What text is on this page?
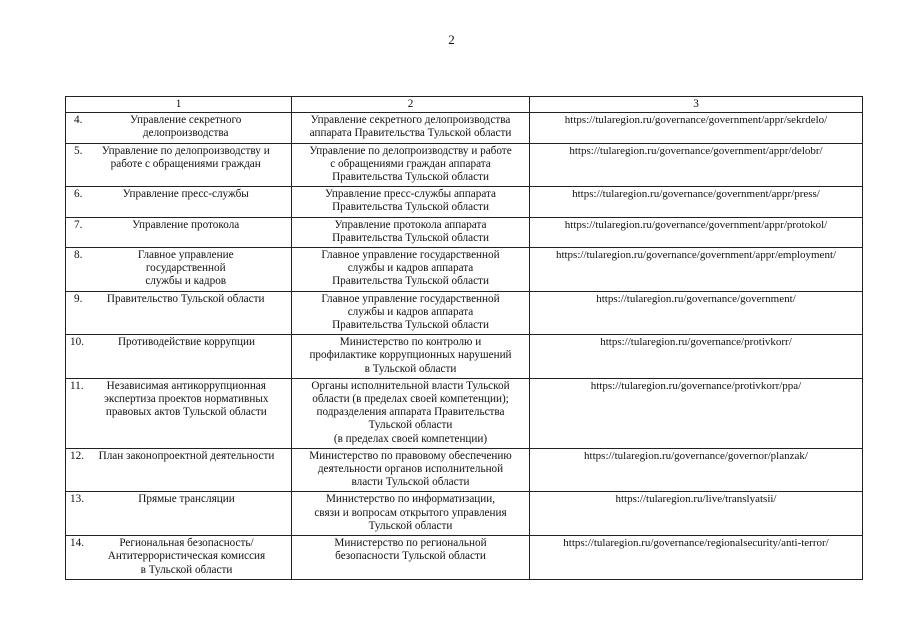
2
1	2	3

4. Управление секретного
делопроизводства	Управление секретного делопроизводства
аппарата Правительства Тульской области	https://tularegion.ru/governance/government/appr/sekrdelo/

5. Управление по делопроизводству и
работе с обращениями граждан	Управление по делопроизводству и работе
с обращениями граждан аппарата
Правительства Тульской области	https://tularegion.ru/governance/government/appr/delobr/

6. Управление пресс-службы	Управление пресс-службы аппарата
Правительства Тульской области	https://tularegion.ru/governance/government/appr/press/

7. Управление протокола	Управление протокола аппарата
Правительства Тульской области	https://tularegion.ru/governance/government/appr/protokol/

8. Главное управление
государственной
службы и кадров	Главное управление государственной
службы и кадров аппарата
Правительства Тульской области	https://tularegion.ru/governance/government/appr/employment/

9. Правительство Тульской области	Главное управление государственной
службы и кадров аппарата
Правительства Тульской области	https://tularegion.ru/governance/government/

10. Противодействие коррупции	Министерство по контролю и
профилактике коррупционных нарушений
в Тульской области	https://tularegion.ru/governance/protivkorr/

11. Независимая антикоррупционная
экспертиза проектов нормативных
правовых актов Тульской области	Органы исполнительной власти Тульской
области (в пределах своей компетенции);
подразделения аппарата Правительства
Тульской области
(в пределах своей компетенции)	https://tularegion.ru/governance/protivkorr/ppa/

12. План законопроектной деятельности	Министерство по правовому обеспечению
деятельности органов исполнительной
власти Тульской области	https://tularegion.ru/governance/governor/planzak/

13. Прямые трансляции	Министерство по информатизации,
связи и вопросам открытого управления
Тульской области	https://tularegion.ru/live/translyatsii/

14. Региональная безопасность/
Антитеррористическая комиссия
в Тульской области	Министерство по региональной
безопасности Тульской области	https://tularegion.ru/governance/regionalsecurity/anti-terror/
